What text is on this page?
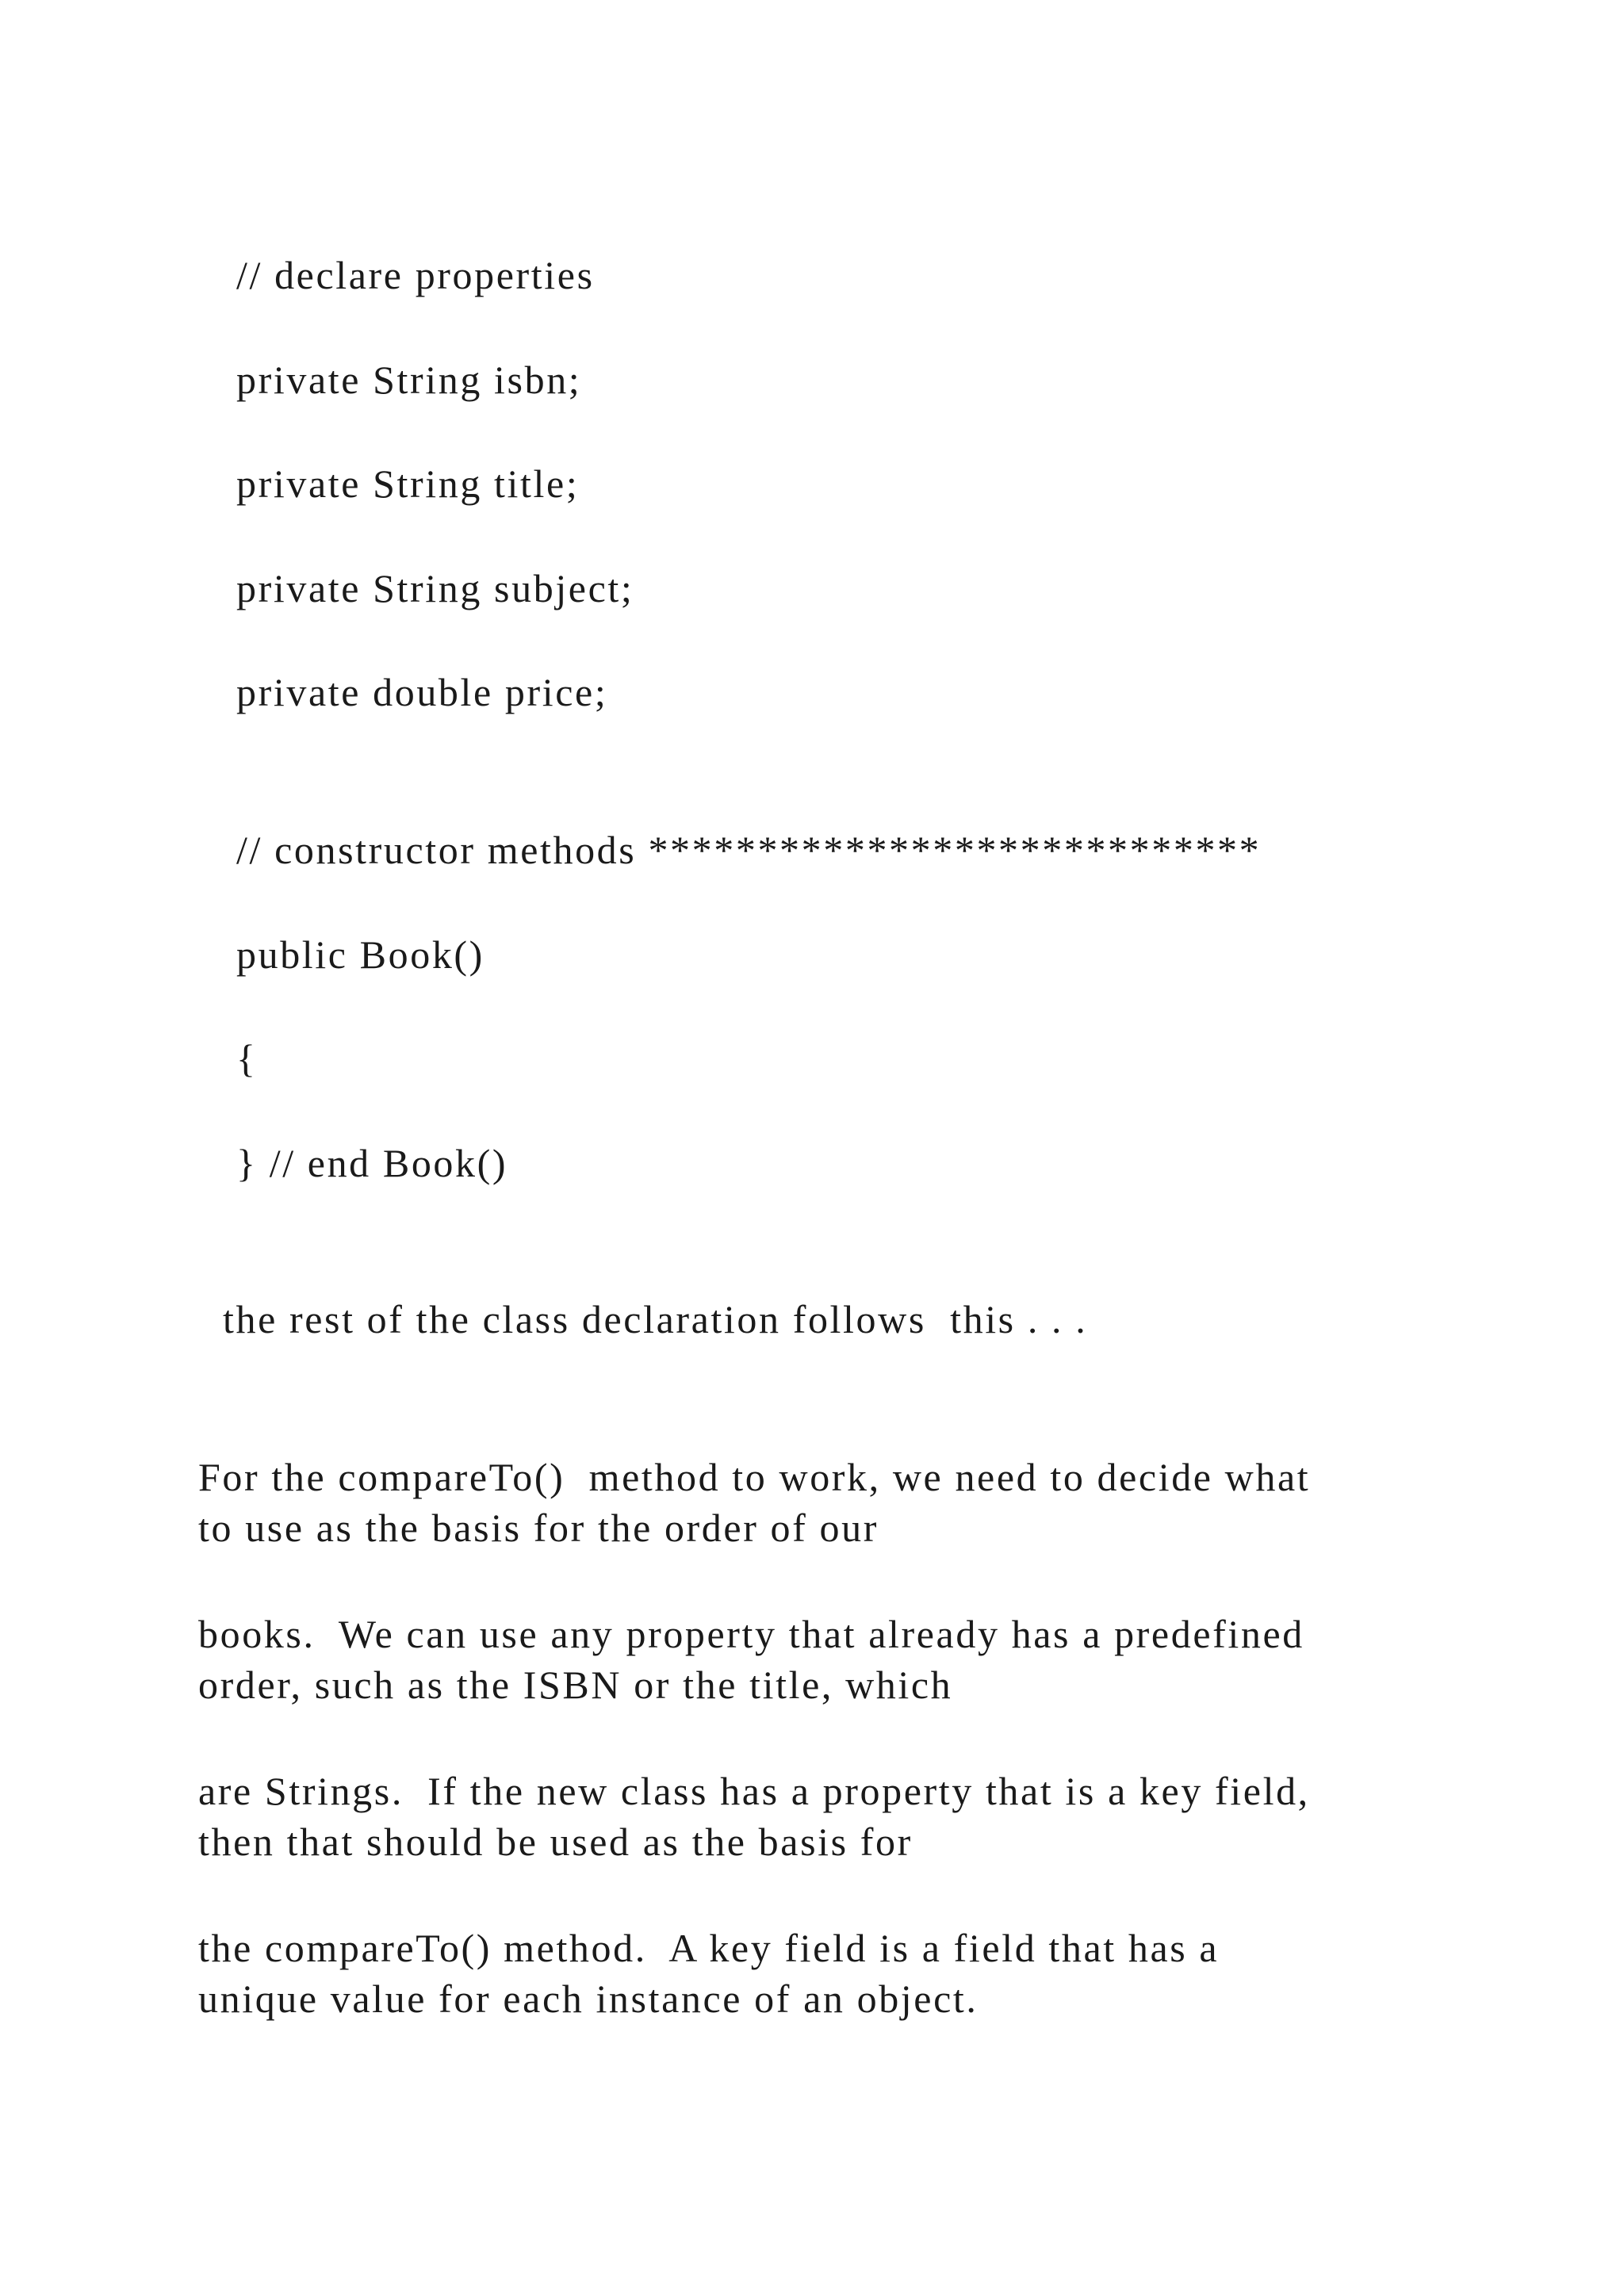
// declare properties

private String isbn;

private String title;

private String subject;

private double price;

// constructor methods ****************************

public Book()

{

} // end Book()

the rest of the class declaration follows  this . . .

For the compareTo()  method to work, we need to decide what
to use as the basis for the order of our
books.  We can use any property that already has a predefined
order, such as the ISBN or the title, which
are Strings.  If the new class has a property that is a key field,
then that should be used as the basis for
the compareTo() method.  A key field is a field that has a
unique value for each instance of an object.
